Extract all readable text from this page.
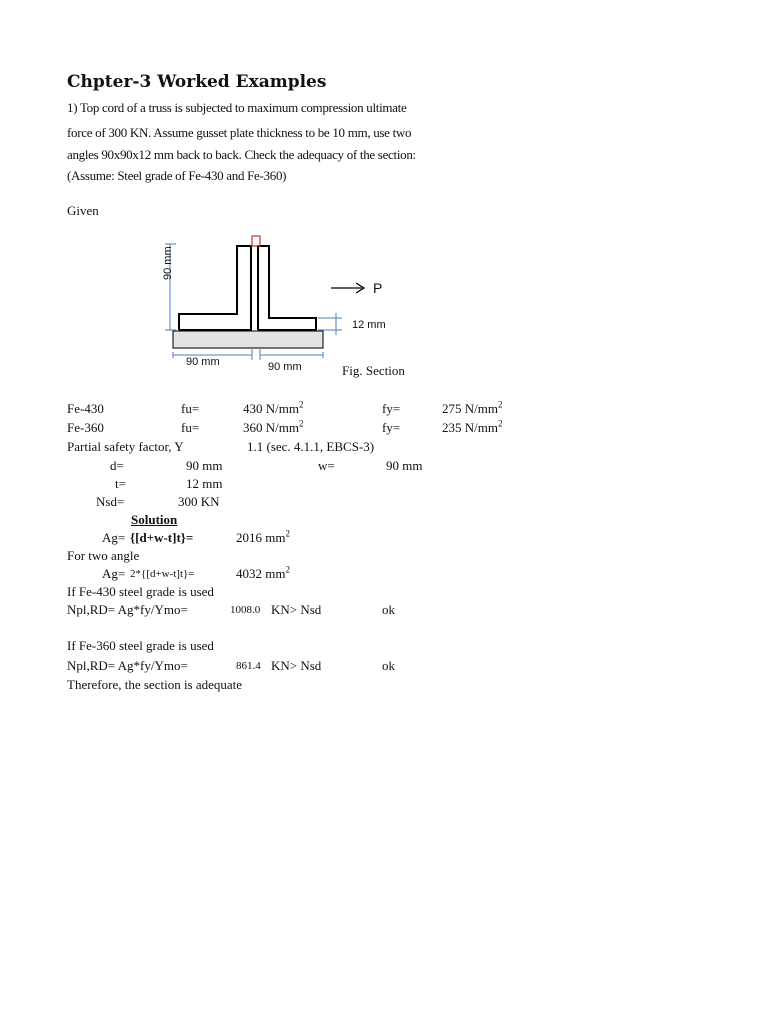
Chpter-3 Worked Examples
1) Top cord of a truss is subjected to maximum compression ultimate
force of 300 KN. Assume gusset plate thickness to be 10 mm, use two
angles 90x90x12 mm back to back. Check the adequacy of the section:
(Assume: Steel grade of Fe-430 and Fe-360)
Given
90 mm
P
12 mm
90 mm	90 mm	Fig. Section
Fe-430	fu=	430 $N/mm^2$	fy=	275 $N/mm^2$
Fe-360	fu=	360 $N/mm^2$	fy=	235 $N/mm^2$
Partial safety factor, Y	1.1 (sec. 4.1.1, EBCS-3)
d=	90 mm	w=	90 mm
t=	12 mm
Nsd=	300 KN
Solution
Ag= {[d+w-t]t}=	2016 $mm^2$
For two angle
Ag= 2*{[d+w-t]t}=	4032 $mm^2$
If Fe-430 steel grade is used
Npl,RD= Ag*fy/Ymo=	1008.0 KN> Nsd	ok
If Fe-360 steel grade is used
Npl,RD= Ag*fy/Ymo=	861.4 KN> Nsd	ok
Therefore, the section is adequate
